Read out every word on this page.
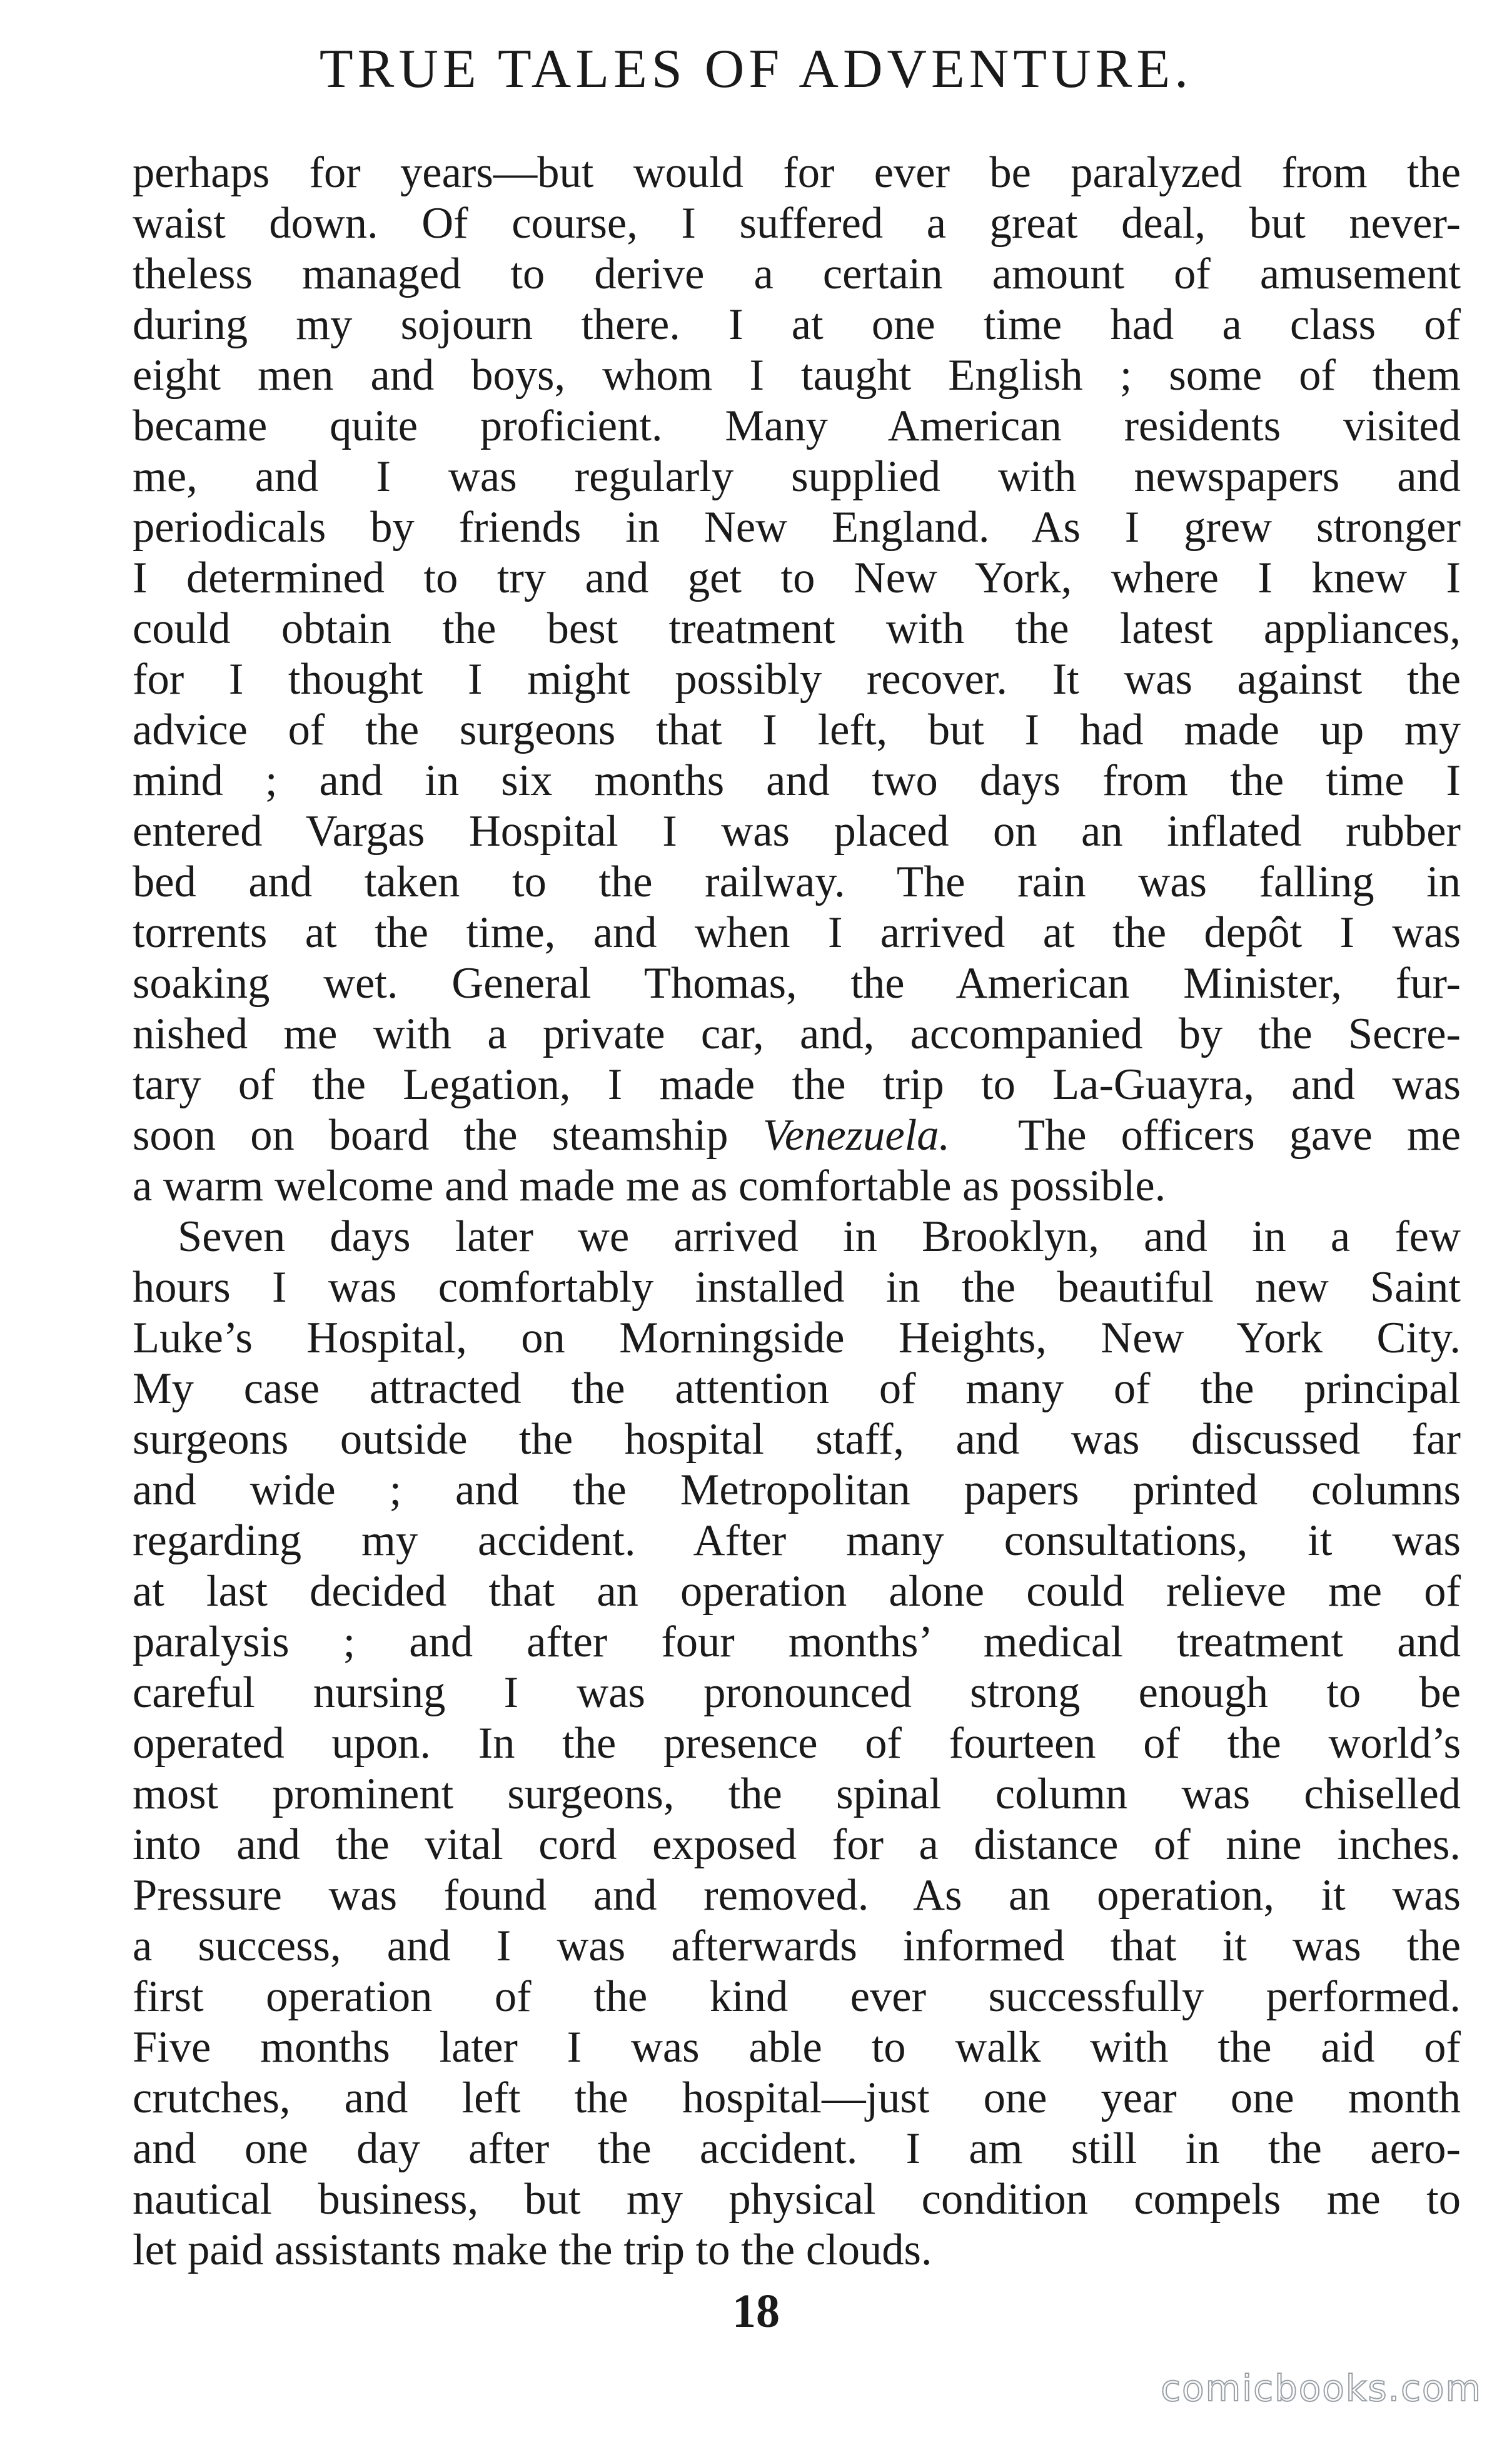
TRUE TALES OF ADVENTURE.
perhaps for years—but would for ever be paralyzed from the
waist down. Of course, I suffered a great deal, but never-
theless managed to derive a certain amount of amusement
during my sojourn there. I at one time had a class of
eight men and boys, whom I taught English ; some of them
became quite proficient. Many American residents visited
me, and I was regularly supplied with newspapers and
periodicals by friends in New England. As I grew stronger
I determined to try and get to New York, where I knew I
could obtain the best treatment with the latest appliances,
for I thought I might possibly recover. It was against the
advice of the surgeons that I left, but I had made up my
mind ; and in six months and two days from the time I
entered Vargas Hospital I was placed on an inflated rubber
bed and taken to the railway. The rain was falling in
torrents at the time, and when I arrived at the depôt I was
soaking wet. General Thomas, the American Minister, fur-
nished me with a private car, and, accompanied by the Secre-
tary of the Legation, I made the trip to La-Guayra, and was
soon on board the steamship Venezuela.  The officers gave me
a warm welcome and made me as comfortable as possible.
Seven days later we arrived in Brooklyn, and in a few
hours I was comfortably installed in the beautiful new Saint
Luke’s Hospital, on Morningside Heights, New York City.
My case attracted the attention of many of the principal
surgeons outside the hospital staff, and was discussed far
and wide ; and the Metropolitan papers printed columns
regarding my accident. After many consultations, it was
at last decided that an operation alone could relieve me of
paralysis ; and after four months’ medical treatment and
careful nursing I was pronounced strong enough to be
operated upon. In the presence of fourteen of the world’s
most prominent surgeons, the spinal column was chiselled
into and the vital cord exposed for a distance of nine inches.
Pressure was found and removed. As an operation, it was
a success, and I was afterwards informed that it was the
first operation of the kind ever successfully performed.
Five months later I was able to walk with the aid of
crutches, and left the hospital—just one year one month
and one day after the accident. I am still in the aero-
nautical business, but my physical condition compels me to
let paid assistants make the trip to the clouds.
18
comicbooks.com
